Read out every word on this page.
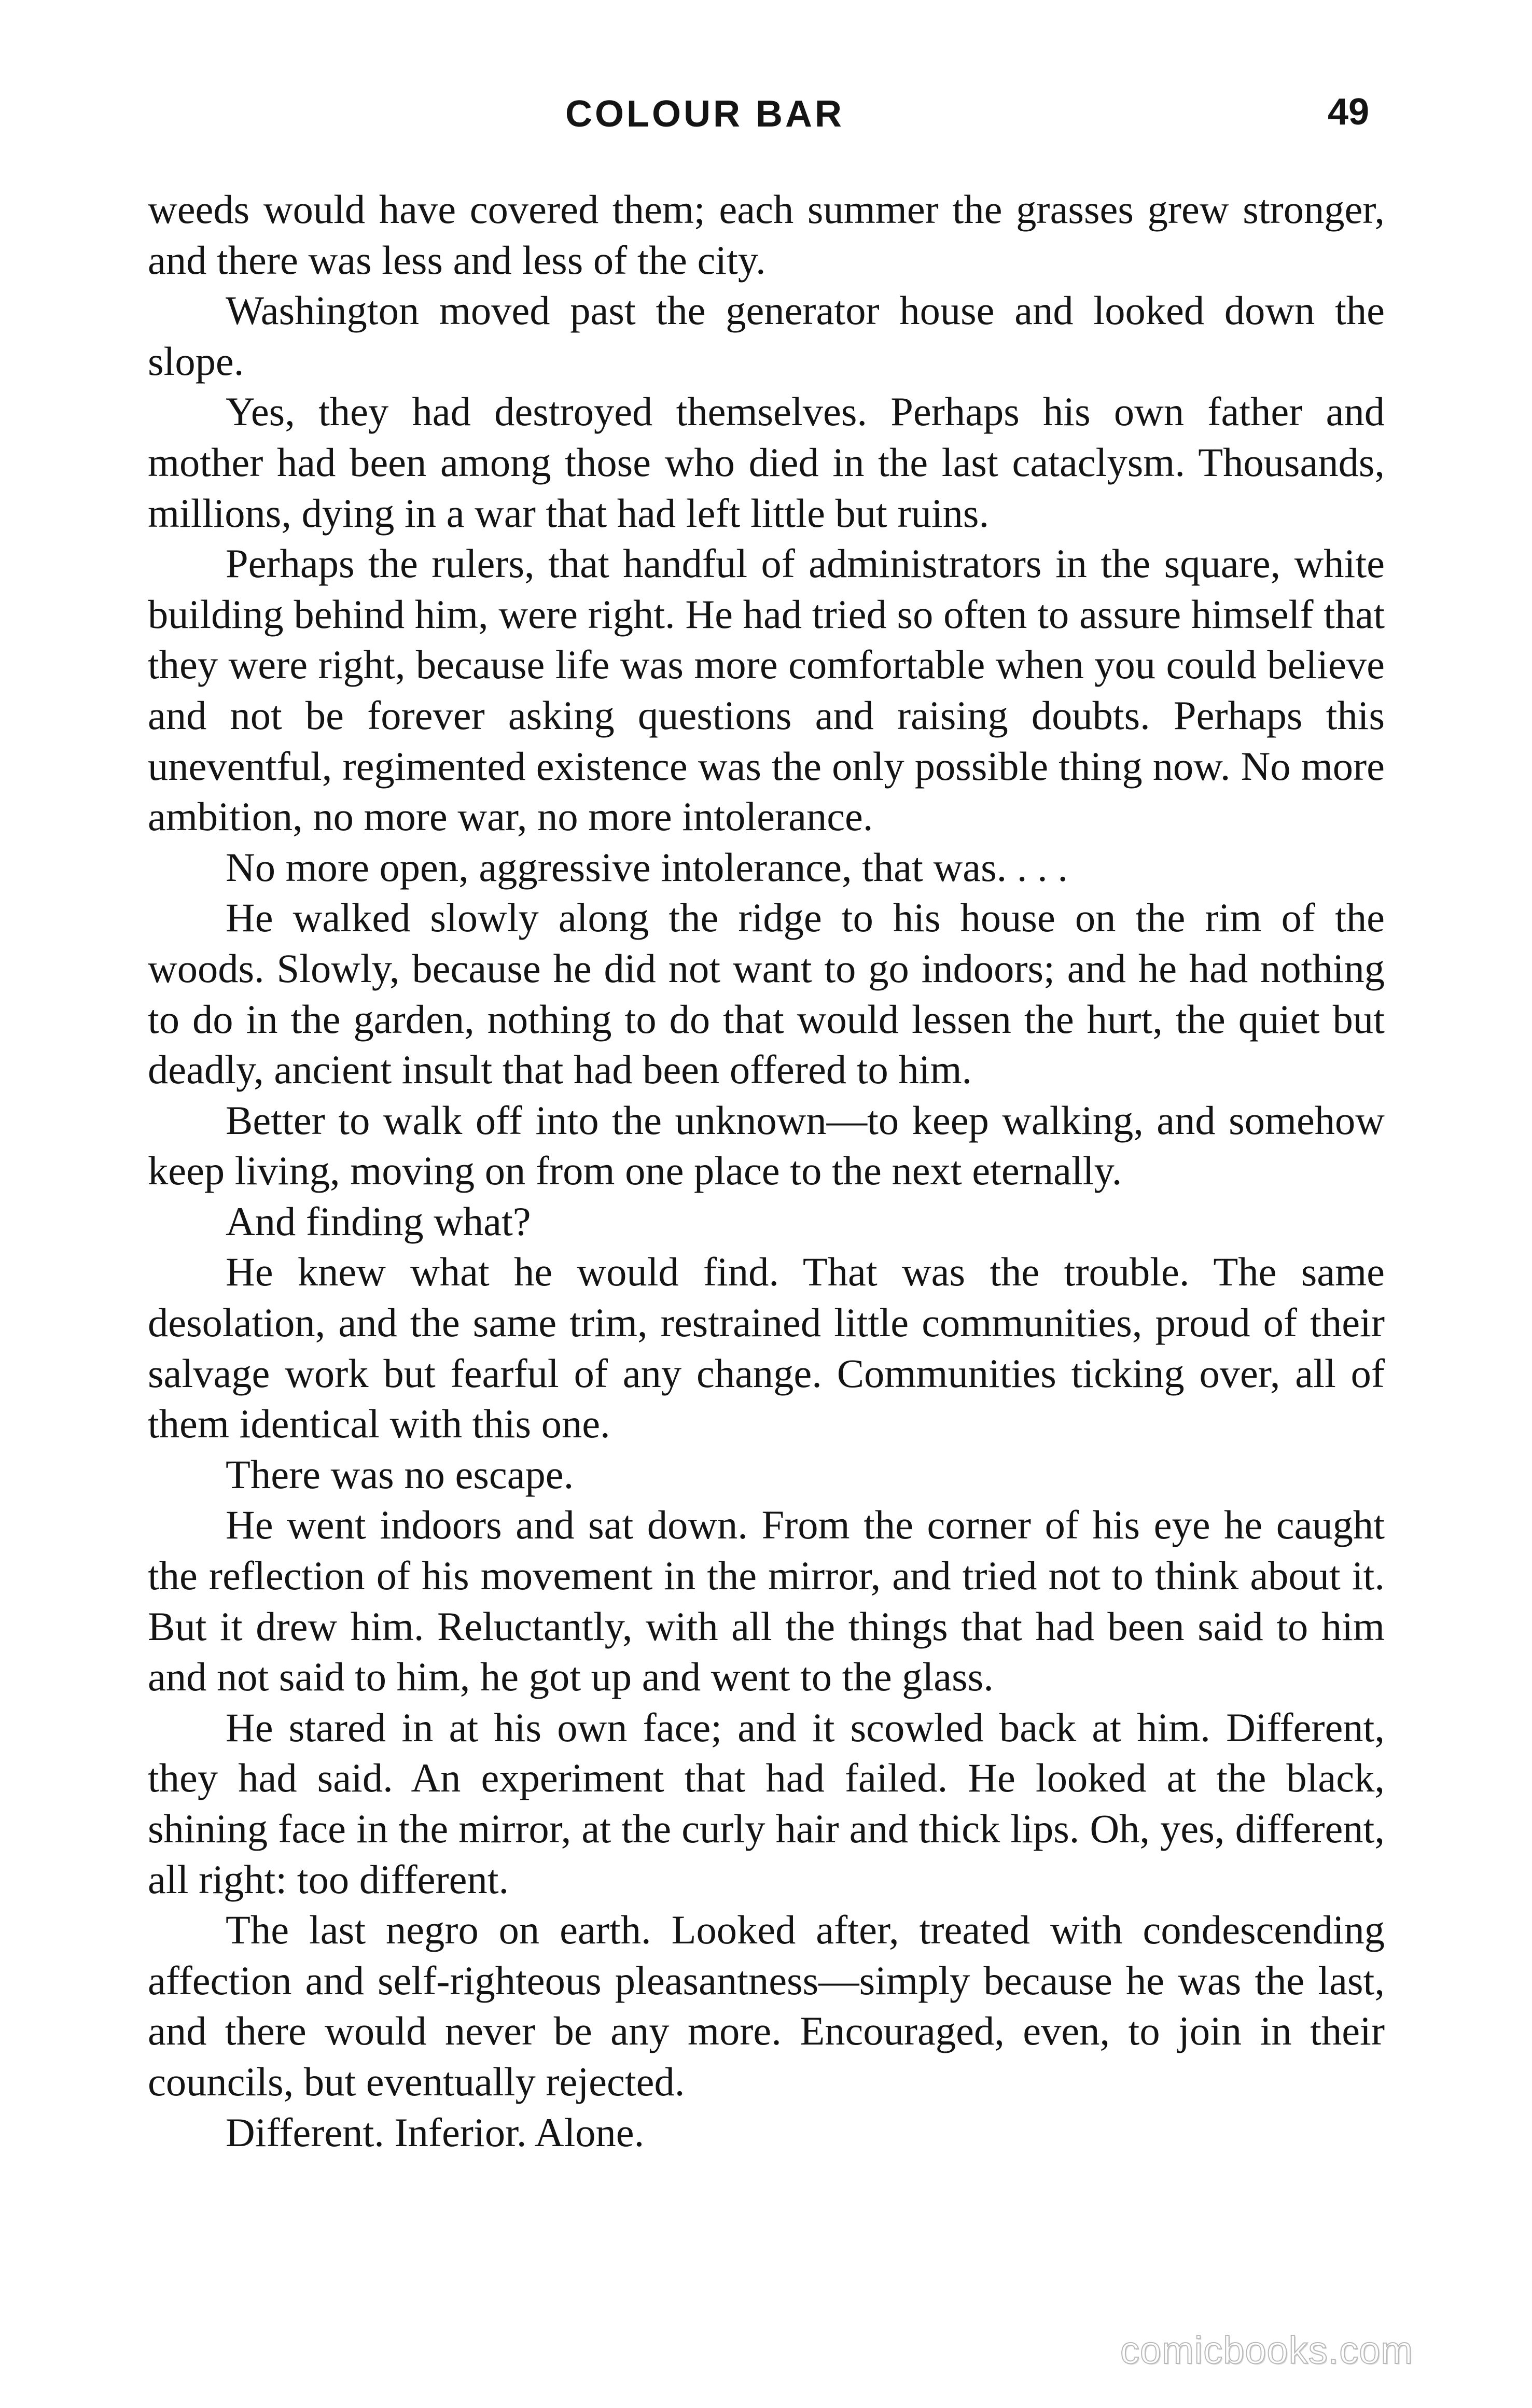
COLOUR BAR	49

weeds would have covered them; each summer the grasses grew stronger, and there was less and less of the city.

Washington moved past the generator house and looked down the slope.

Yes, they had destroyed themselves. Perhaps his own father and mother had been among those who died in the last cataclysm. Thousands, millions, dying in a war that had left little but ruins.

Perhaps the rulers, that handful of administrators in the square, white building behind him, were right. He had tried so often to assure himself that they were right, because life was more comfortable when you could believe and not be forever asking questions and raising doubts. Perhaps this uneventful, regimented existence was the only possible thing now. No more ambition, no more war, no more intolerance.

No more open, aggressive intolerance, that was. . . .

He walked slowly along the ridge to his house on the rim of the woods. Slowly, because he did not want to go indoors; and he had nothing to do in the garden, nothing to do that would lessen the hurt, the quiet but deadly, ancient insult that had been offered to him.

Better to walk off into the unknown—to keep walking, and somehow keep living, moving on from one place to the next eternally.

And finding what?

He knew what he would find. That was the trouble. The same desolation, and the same trim, restrained little communities, proud of their salvage work but fearful of any change. Communities ticking over, all of them identical with this one.

There was no escape.

He went indoors and sat down. From the corner of his eye he caught the reflection of his movement in the mirror, and tried not to think about it. But it drew him. Reluctantly, with all the things that had been said to him and not said to him, he got up and went to the glass.

He stared in at his own face; and it scowled back at him. Different, they had said. An experiment that had failed. He looked at the black, shining face in the mirror, at the curly hair and thick lips. Oh, yes, different, all right: too different.

The last negro on earth. Looked after, treated with condescending affection and self-righteous pleasantness—simply because he was the last, and there would never be any more. Encouraged, even, to join in their councils, but eventually rejected.

Different. Inferior. Alone.

comicbooks.com
